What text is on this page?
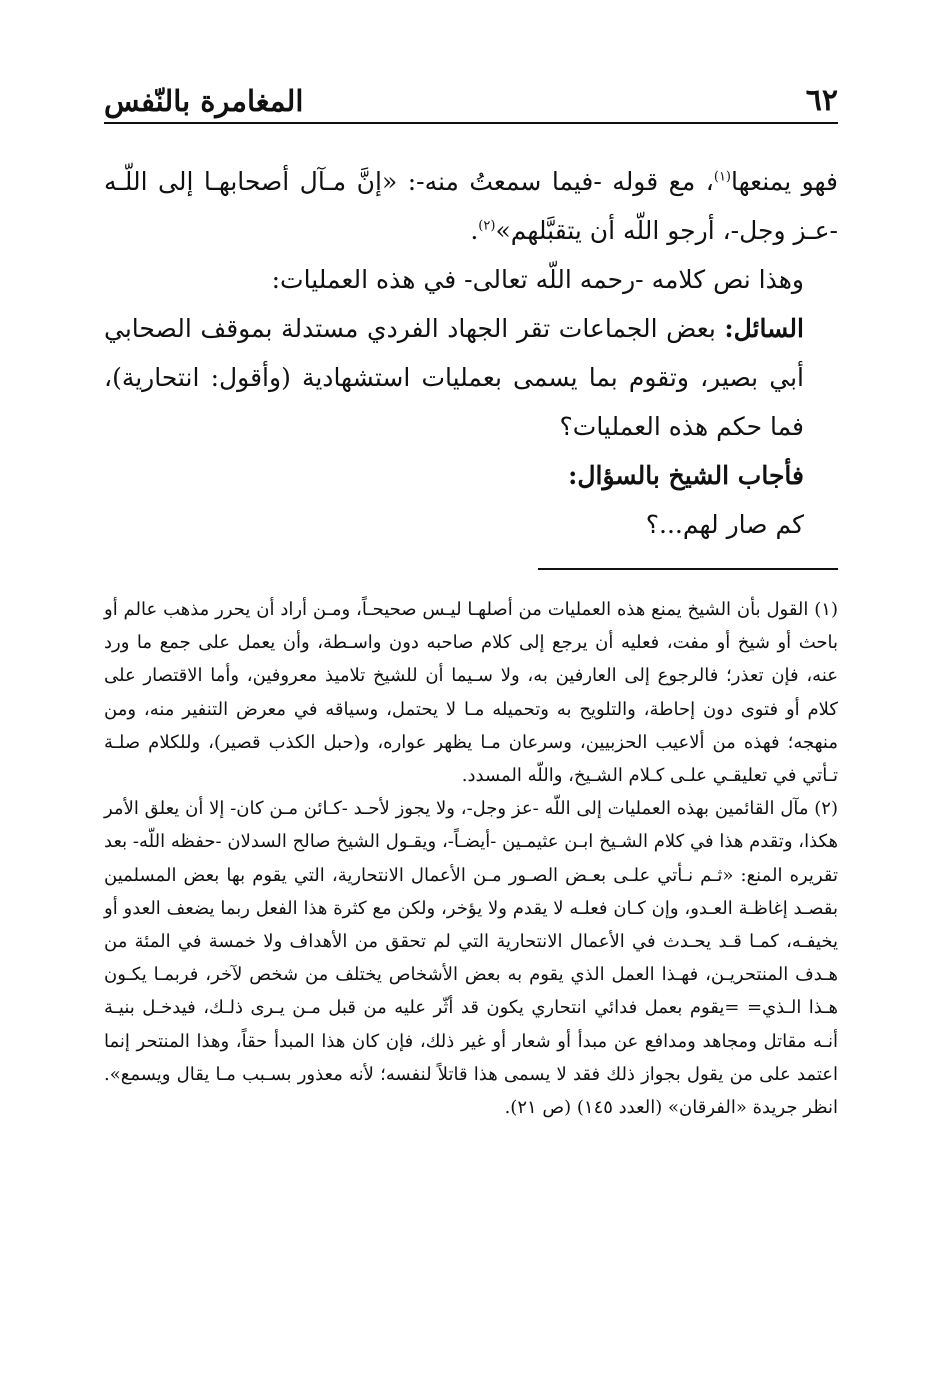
٦٢
المغامرة بالنّفس

فهو يمنعها$^{(١)}$، مع قوله -فيما سمعتُ منه-: «إنَّ مـآل أصحابهـا إلى اللّـه -عـز وجل-، أرجو اللّه أن يتقبَّلهم»$^{(٢)}$.

وهذا نص كلامه -رحمه اللّه تعالى- في هذه العمليات:

السائل: بعض الجماعات تقر الجهاد الفردي مستدلة بموقف الصحابي أبي بصير، وتقوم بما يسمى بعمليات استشهادية (وأقول: انتحارية)، فما حكم هذه العمليات؟

فأجاب الشيخ بالسؤال:

كم صار لهم...؟

(١) القول بأن الشيخ يمنع هذه العمليات من أصلهـا ليـس صحيحـاً، ومـن أراد أن يحرر مذهب عالم أو باحث أو شيخ أو مفت، فعليه أن يرجع إلى كلام صاحبه دون واسـطة، وأن يعمل على جمع ما ورد عنه، فإن تعذر؛ فالرجوع إلى العارفين به، ولا سـيما أن للشيخ تلاميذ معروفين، وأما الاقتصار على كلام أو فتوى دون إحاطة، والتلويح به وتحميله مـا لا يحتمل، وسياقه في معرض التنفير منه، ومن منهجه؛ فهذه من ألاعيب الحزبيين، وسرعان مـا يظهر عواره، و(حبل الكذب قصير)، وللكلام صلـة تـأتي في تعليقـي علـى كـلام الشـيخ، واللّه المسدد.

(٢) مآل القائمين بهذه العمليات إلى اللّه -عز وجل-، ولا يجوز لأحـد -كـائن مـن كان- إلا أن يعلق الأمر هكذا، وتقدم هذا في كلام الشـيخ ابـن عثيمـين -أيضـاً-، ويقـول الشيخ صالح السدلان -حفظه اللّه- بعد تقريره المنع: «ثـم نـأتي علـى بعـض الصـور مـن الأعمال الانتحارية، التي يقوم بها بعض المسلمين بقصـد إغاظـة العـدو، وإن كـان فعلـه لا يقدم ولا يؤخر، ولكن مع كثرة هذا الفعل ربما يضعف العدو أو يخيفـه، كمـا قـد يحـدث في الأعمال الانتحارية التي لم تحقق من الأهداف ولا خمسة في المئة من هـدف المنتحريـن، فهـذا العمل الذي يقوم به بعض الأشخاص يختلف من شخص لآخر، فربمـا يكـون هـذا الـذي= =يقوم بعمل فدائي انتحاري يكون قد أثّر عليه من قبل مـن يـرى ذلـك، فيدخـل بنيـة أنـه مقاتل ومجاهد ومدافع عن مبدأ أو شعار أو غير ذلك، فإن كان هذا المبدأ حقاً، وهذا المنتحر إنما اعتمد على من يقول بجواز ذلك فقد لا يسمى هذا قاتلاً لنفسه؛ لأنه معذور بسـبب مـا يقال ويسمع». انظر جريدة «الفرقان» (العدد ١٤٥) (ص ٢١).
